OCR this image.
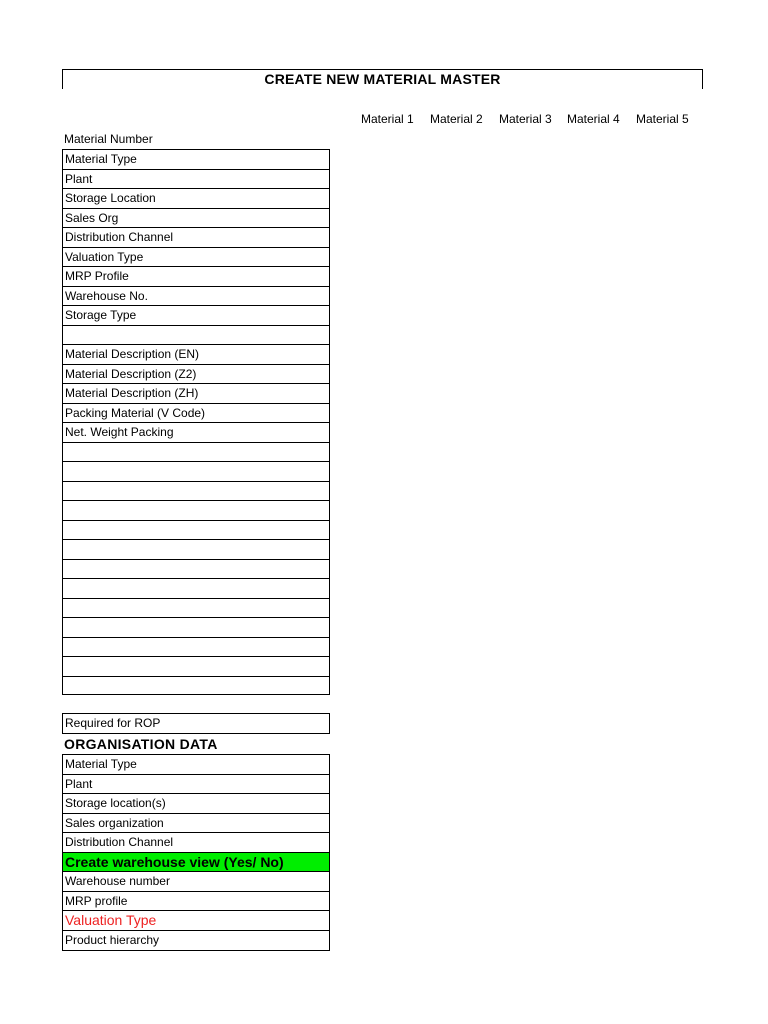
CREATE NEW MATERIAL MASTER
Material 1 Material 2 Material 3 Material 4 Material 5
Material Number
Material Type
Plant
Storage Location
Sales Org
Distribution Channel
Valuation Type
MRP Profile
Warehouse No.
Storage Type
Material Description (EN)
Material Description (Z2)
Material Description (ZH)
Packing Material (V Code)
Net. Weight Packing
Required for ROP
ORGANISATION DATA
Material Type
Plant
Storage location(s)
Sales organization
Distribution Channel
Create warehouse view (Yes/ No)
Warehouse number
MRP profile
Valuation Type
Product hierarchy
